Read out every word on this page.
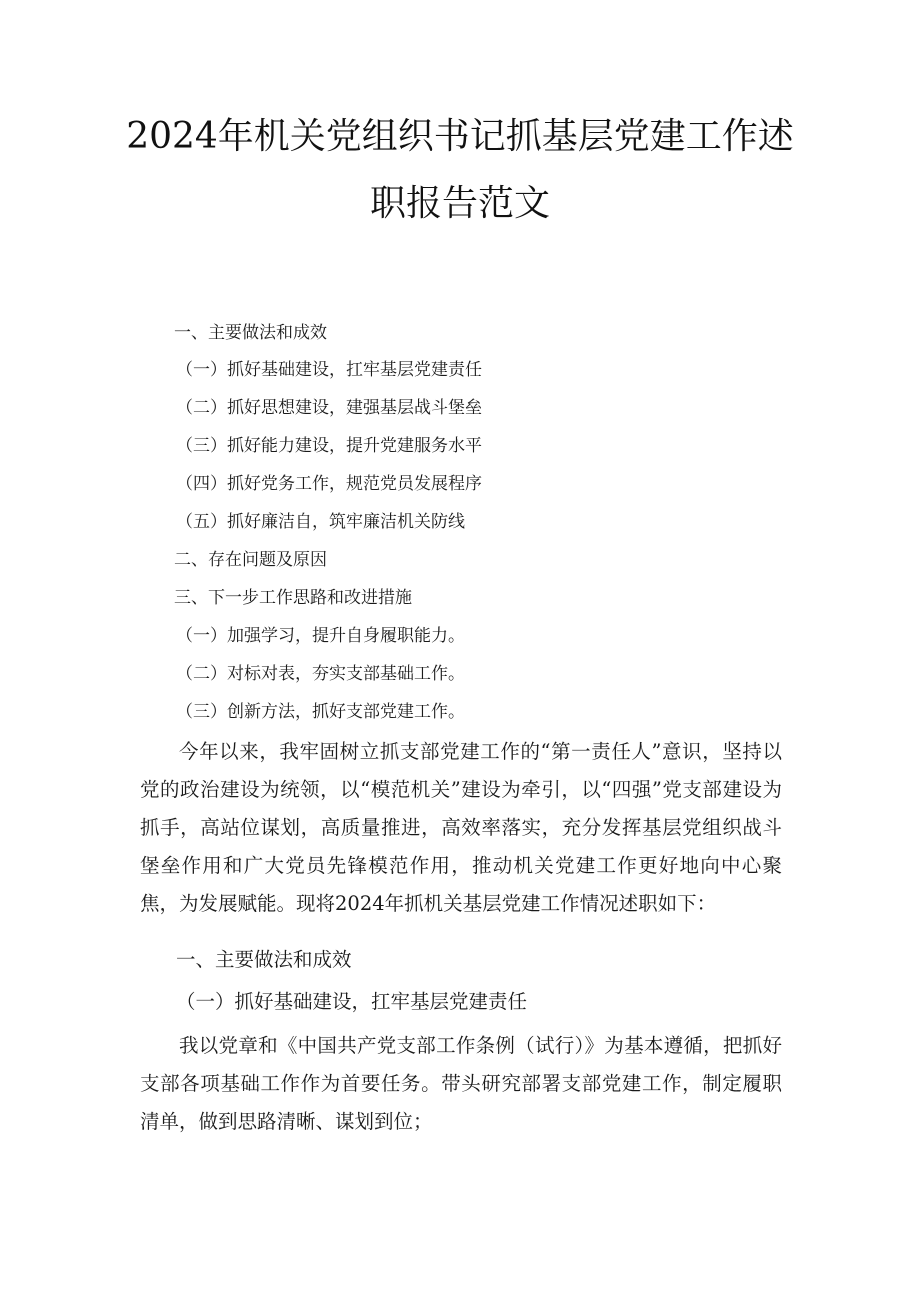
2024年机关党组织书记抓基层党建工作述
职报告范文
一、主要做法和成效
（一）抓好基础建设，扛牢基层党建责任
（二）抓好思想建设，建强基层战斗堡垒
（三）抓好能力建设，提升党建服务水平
（四）抓好党务工作，规范党员发展程序
（五）抓好廉洁自，筑牢廉洁机关防线
二、存在问题及原因
三、下一步工作思路和改进措施
（一）加强学习，提升自身履职能力。
（二）对标对表，夯实支部基础工作。
（三）创新方法，抓好支部党建工作。
今年以来，我牢固树立抓支部党建工作的“第一责任人”意识，坚持以党的政治建设为统领，以“模范机关”建设为牵引，以“四强”党支部建设为抓手，高站位谋划，高质量推进，高效率落实，充分发挥基层党组织战斗堡垒作用和广大党员先锋模范作用，推动机关党建工作更好地向中心聚焦，为发展赋能。现将2024年抓机关基层党建工作情况述职如下：
一、主要做法和成效
（一）抓好基础建设，扛牢基层党建责任
我以党章和《中国共产党支部工作条例（试行）》为基本遵循，把抓好支部各项基础工作作为首要任务。带头研究部署支部党建工作，制定履职清单，做到思路清晰、谋划到位；
